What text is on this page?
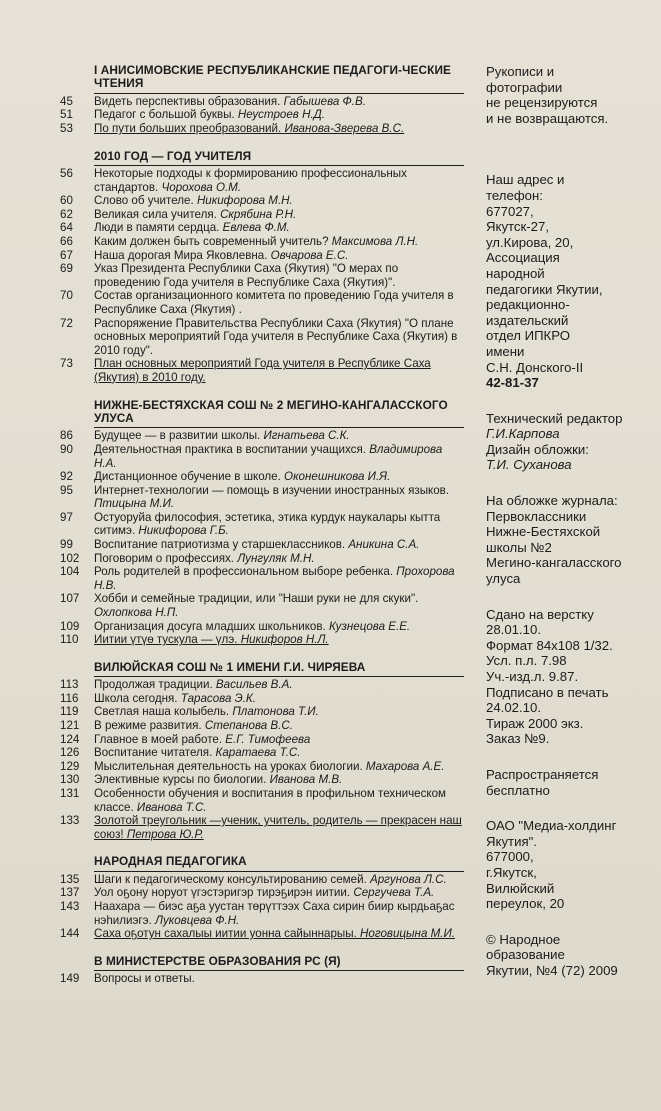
I АНИСИМОВСКИЕ РЕСПУБЛИКАНСКИЕ ПЕДАГОГИ-ЧЕСКИЕ ЧТЕНИЯ
45	Видеть перспективы образования. Габышева Ф.В.
51	Педагог с большой буквы. Неустроев Н.Д.
53	По пути больших преобразований. Иванова-Зверева В.С.
2010 ГОД — ГОД УЧИТЕЛЯ
56	Некоторые подходы к формированию профессиональных стандартов. Чорохова О.М.
60	Слово об учителе. Никифорова М.Н.
62	Великая сила учителя. Скрябина Р.Н.
64	Люди в памяти сердца. Евлева Ф.М.
66	Каким должен быть современный учитель? Максимова Л.Н.
67	Наша дорогая Мира Яковлевна. Овчарова Е.С.
69	Указ Президента Республики Саха (Якутия) "О мерах по проведению Года учителя в Республике Саха (Якутия)".
70	Состав организационного комитета по проведению Года учителя в Республике Саха (Якутия) .
72	Распоряжение Правительства Республики Саха (Якутия) "О плане основных мероприятий Года учителя в Республике Саха (Якутия) в 2010 году".
73	План основных мероприятий Года учителя в Республике Саха (Якутия) в 2010 году.
НИЖНЕ-БЕСТЯХСКАЯ СОШ № 2 МЕГИНО-КАНГАЛАССКОГО УЛУСА
86	Будущее — в развитии школы. Игнатьева С.К.
90	Деятельностная практика в воспитании учащихся. Владимирова Н.А.
92	Дистанционное обучение в школе. Оконешникова И.Я.
95	Интернет-технологии — помощь в изучении иностранных языков. Птицына М.И.
97	Остуоруйа философия, эстетика, этика курдук наукалары кытта ситимэ. Никифорова Г.Б.
99	Воспитание патриотизма у старшеклассников. Аникина С.А.
102	Поговорим о профессиях. Лунгуляк М.Н.
104	Роль родителей в профессиональном выборе ребенка. Прохорова Н.В.
107	Хобби и семейные традиции, или "Наши руки не для скуки". Охлопкова Н.П.
109	Организация досуга младших школьников. Кузнецова Е.Е.
110	Иитии үтүө тускула — үлэ. Никифоров Н.Л.
ВИЛЮЙСКАЯ СОШ № 1 ИМЕНИ Г.И. ЧИРЯЕВА
113	Продолжая традиции. Васильев В.А.
116	Школа сегодня. Тарасова Э.К.
119	Светлая наша колыбель. Платонова Т.И.
121	В режиме развития. Степанова В.С.
124	Главное в моей работе. Е.Г. Тимофеева
126	Воспитание читателя. Каратаева Т.С.
129	Мыслительная деятельность на уроках биологии. Махарова А.Е.
130	Элективные курсы по биологии. Иванова М.В.
131	Особенности обучения и воспитания в профильном техническом классе. Иванова Т.С.
133	Золотой треугольник —ученик, учитель, родитель — прекрасен наш союз! Петрова Ю.Р.
НАРОДНАЯ ПЕДАГОГИКА
135	Шаги к педагогическому консультированию семей. Аргунова Л.С.
137	Уол оҕону норуот үгэстэригэр тирэҕирэн иитии. Сергучева Т.А.
143	Наахара — биэс аҕа уустан төрүттээх Саха сирин биир кырдьаҕас нэһилиэгэ. Луковцева Ф.Н.
144	Саха оҕотун сахалыы иитии уонна сайыннарыы. Ноговицына М.И.
В МИНИСТЕРСТВЕ ОБРАЗОВАНИЯ РС (Я)
149	Вопросы и ответы.

Рукописи и

фотографии

не рецензируются

и не возвращаются.

Наш адрес и

телефон:

677027,

Якутск-27,

ул.Кирова, 20,

Ассоциация

народной

педагогики Якутии,

редакционно-

издательский

отдел ИПКРО

имени

С.Н. Донского-II

42-81-37

Технический редактор

Г.И.Карпова

Дизайн обложки:

Т.И. Суханова

На обложке журнала:

Первоклассники

Нижне-Бестяхской

школы №2

Мегино-кангаласского

улуса

Сдано на верстку

28.01.10.

Формат 84х108 1/32.

Усл. п.л. 7.98

Уч.-изд.л. 9.87.

Подписано в печать

24.02.10.

Тираж 2000 экз.

Заказ №9.

Распространяется

бесплатно

ОАО "Медиа-холдинг

Якутия".

677000,

г.Якутск,

Вилюйский

переулок, 20

© Народное

образование

Якутии, №4 (72) 2009
